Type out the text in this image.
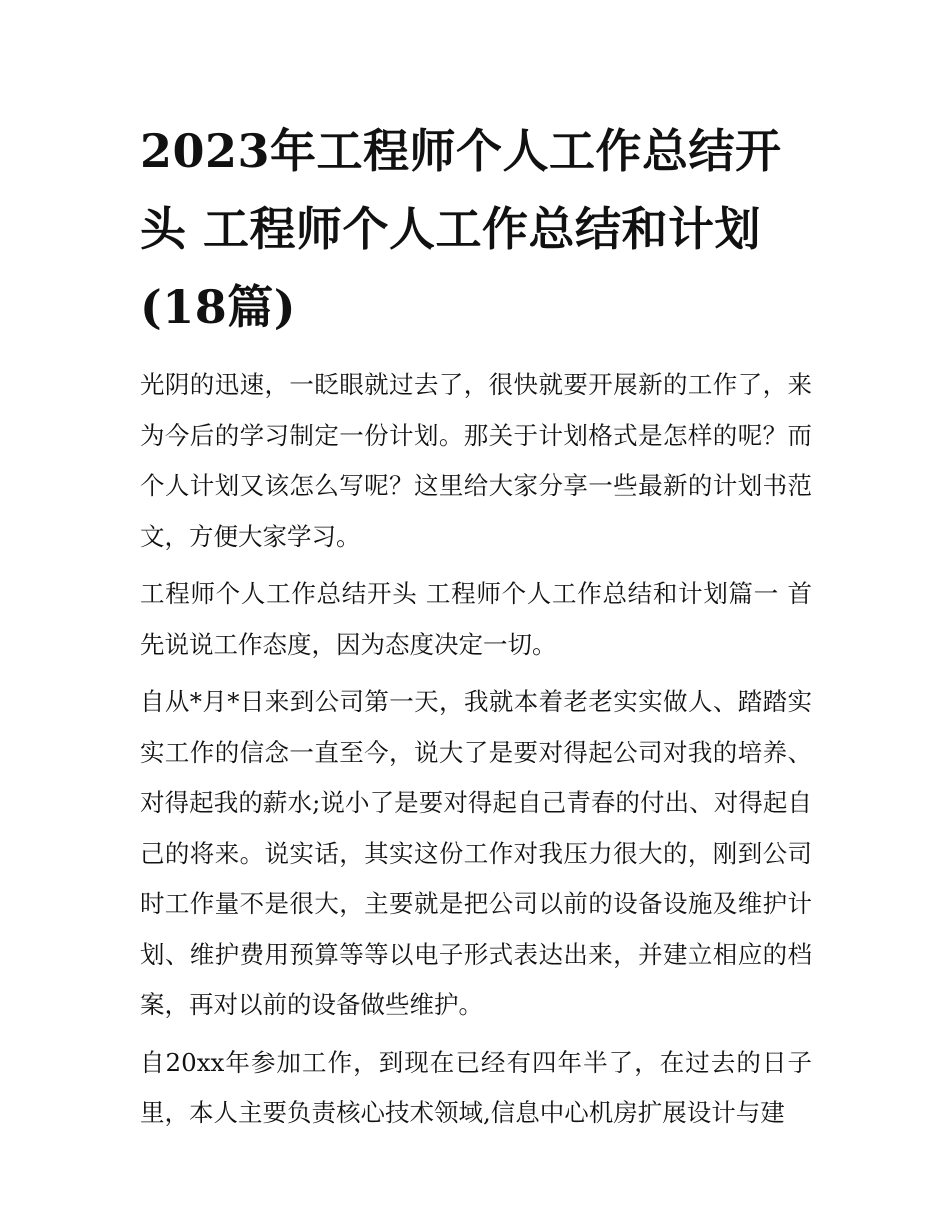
2023年工程师个人工作总结开头 工程师个人工作总结和计划(18篇)

光阴的迅速，一眨眼就过去了，很快就要开展新的工作了，来为今后的学习制定一份计划。那关于计划格式是怎样的呢？而个人计划又该怎么写呢？这里给大家分享一些最新的计划书范文，方便大家学习。

工程师个人工作总结开头 工程师个人工作总结和计划篇一 首先说说工作态度，因为态度决定一切。

自从*月*日来到公司第一天，我就本着老老实实做人、踏踏实实工作的信念一直至今，说大了是要对得起公司对我的培养、对得起我的薪水;说小了是要对得起自己青春的付出、对得起自己的将来。说实话，其实这份工作对我压力很大的，刚到公司时工作量不是很大，主要就是把公司以前的设备设施及维护计划、维护费用预算等等以电子形式表达出来，并建立相应的档案，再对以前的设备做些维护。

自20xx年参加工作，到现在已经有四年半了，在过去的日子里，本人主要负责核心技术领域,信息中心机房扩展设计与建
